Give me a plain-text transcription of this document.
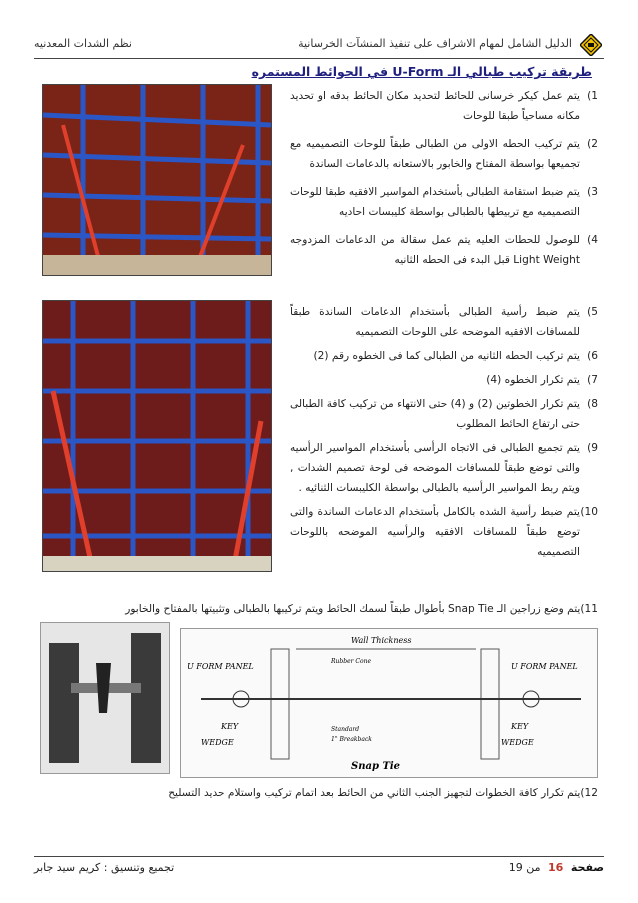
الدليل الشامل لمهام الاشراف على تنفيذ المنشآت الخرسانية
نظم الشدات المعدنيه
طريقة تركيب طبالي الـ U-Form في الحوائط المستمره

1)
يتم عمل كيكر خرسانى للحائط لتحديد مكان الحائط بدقه او تحديد مكانه مساحياً طبقا للوحات

2)
يتم تركيب الحطه الاولى من الطبالى طبقاً للوحات التصميميه مع تجميعها بواسطة المفتاح والخابور بالاستعانه بالدعامات الساندة

3)
يتم ضبط استقامة الطبالى بأستخدام المواسير الافقيه طبقا للوحات التصميميه مع تربيطها بالطبالى بواسطة كليبسات احاديه

4)
للوصول للحطات العليه يتم عمل سقالة من الدعامات المزدوجه Light Weight قبل البدء فى الحطه الثانيه

5)
يتم ضبط رأسية الطبالى بأستخدام الدعامات الساندة طبقاً للمسافات الافقيه الموضحه على اللوحات التصميميه

6)
يتم تركيب الحطه الثانيه من الطبالى كما فى الخطوه رقم (2)

7)
يتم تكرار الخطوه (4)

8)
يتم تكرار الخطوتين (2) و (4) حتى الانتهاء من تركيب كافة الطبالى حتى ارتفاع الحائط المطلوب

9)
يتم تجميع الطبالى فى الاتجاه الرأسى بأستخدام المواسير الرأسيه والتى توضع طبقاً للمسافات الموضحه فى لوحة تصميم الشدات , ويتم ربط المواسير الرأسيه بالطبالى بواسطة الكليبسات الثنائيه .

10)
يتم ضبط رأسية الشده بالكامل بأستخدام الدعامات الساندة والتى توضع طبقاً للمسافات الافقيه والرأسيه الموضحه باللوحات التصميميه

11)يتم وضع زراجين الـ Snap Tie بأطوال طبقاً لسمك الحائط ويتم تركيبها بالطبالى وتثبيتها بالمفتاح والخابور
Wall Thickness
Rubber Cone
U FORM PANEL	U FORM PANEL
KEY	KEY
WEDGE	WEDGE
Standard
1" Breakback
Snap Tie
12)يتم تكرار كافة الخطوات لتجهيز الجنب الثاني من الحائط بعد اتمام تركيب واستلام حديد التسليح
صفحة 16 من 19
تجميع وتنسيق : كريم سيد جابر
